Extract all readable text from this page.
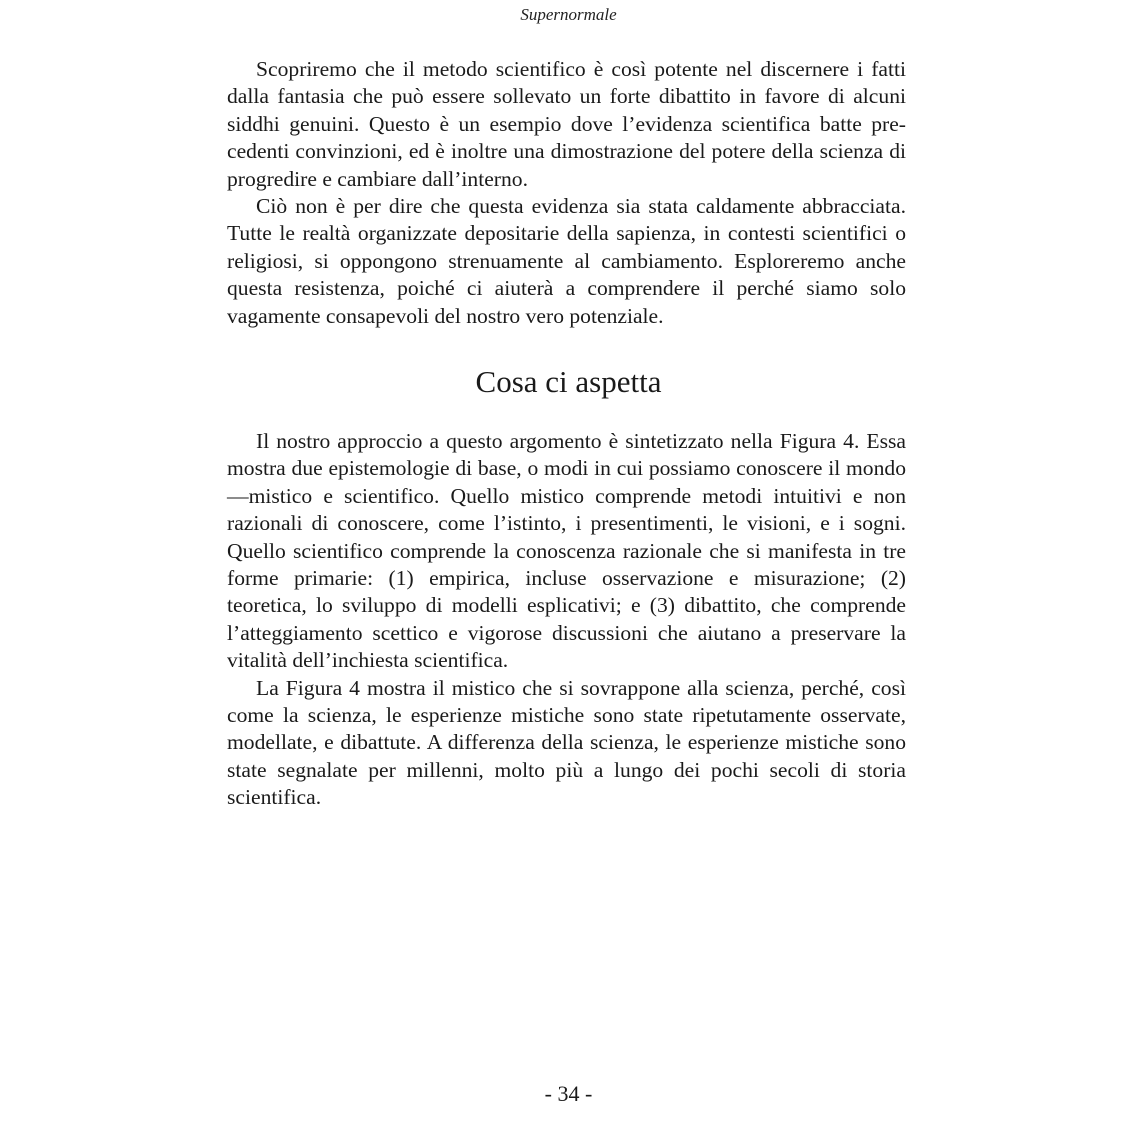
Supernormale

Scopriremo che il metodo scientifico è così potente nel discernere i fatti dalla fantasia che può essere sollevato un forte dibattito in favore di alcuni siddhi genuini. Questo è un esempio dove l’evidenza scientifica batte precedenti convinzioni, ed è inoltre una dimostrazione del potere della scienza di progredire e cambiare dall’interno.

Ciò non è per dire che questa evidenza sia stata caldamente abbracciata. Tutte le realtà organizzate depositarie della sapienza, in contesti scientifici o religiosi, si oppongono strenuamente al cambiamento. Esploreremo anche questa resistenza, poiché ci aiuterà a comprendere il perché siamo solo vagamente consapevoli del nostro vero potenziale.

Cosa ci aspetta

Il nostro approccio a questo argomento è sintetizzato nella Figura 4. Essa mostra due epistemologie di base, o modi in cui possiamo conoscere il mondo—mistico e scientifico. Quello mistico comprende metodi intuitivi e non razionali di conoscere, come l’istinto, i presentimenti, le visioni, e i sogni. Quello scientifico comprende la conoscenza razionale che si manifesta in tre forme primarie: (1) empirica, incluse osservazione e misurazione; (2) teoretica, lo sviluppo di modelli esplicativi; e (3) dibattito, che comprende l’atteggiamento scettico e vigorose discussioni che aiutano a preservare la vitalità dell’inchiesta scientifica.

La Figura 4 mostra il mistico che si sovrappone alla scienza, perché, così come la scienza, le esperienze mistiche sono state ripetutamente osservate, modellate, e dibattute. A differenza della scienza, le esperienze mistiche sono state segnalate per millenni, molto più a lungo dei pochi secoli di storia scientifica.

- 34 -
